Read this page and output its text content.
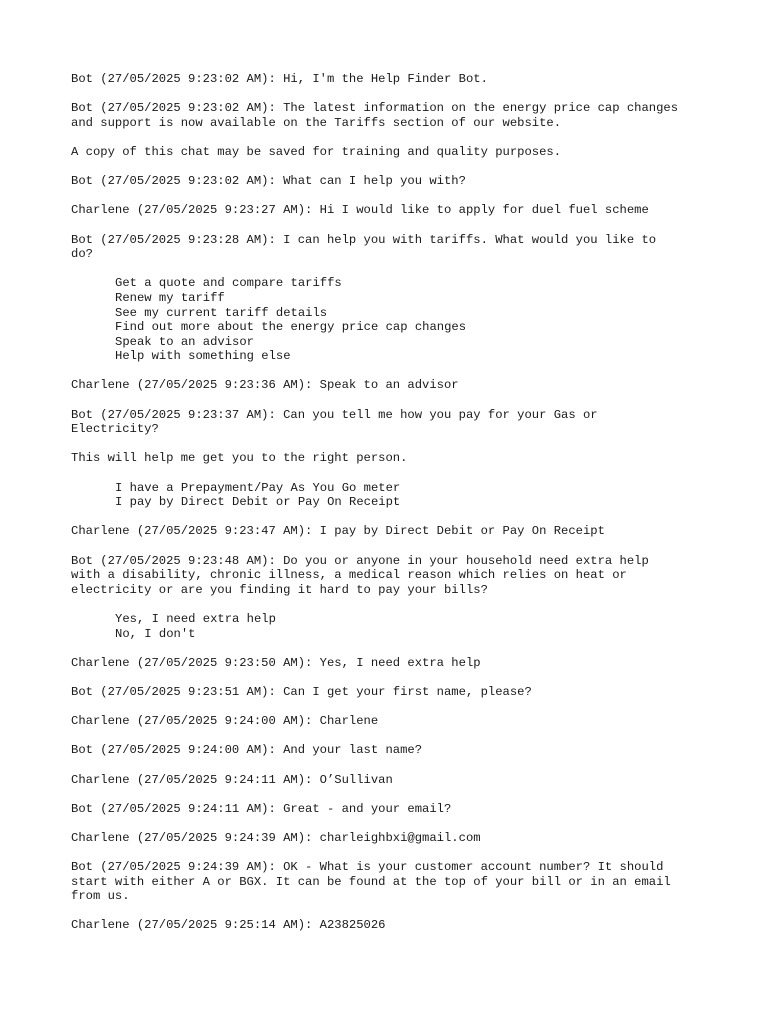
Bot (27/05/2025 9:23:02 AM): Hi, I'm the Help Finder Bot.
Bot (27/05/2025 9:23:02 AM): The latest information on the energy price cap changes
and support is now available on the Tariffs section of our website.
A copy of this chat may be saved for training and quality purposes.
Bot (27/05/2025 9:23:02 AM): What can I help you with?
Charlene (27/05/2025 9:23:27 AM): Hi I would like to apply for duel fuel scheme
Bot (27/05/2025 9:23:28 AM): I can help you with tariffs. What would you like to
do?
Get a quote and compare tariffs
Renew my tariff
See my current tariff details
Find out more about the energy price cap changes
Speak to an advisor
Help with something else
Charlene (27/05/2025 9:23:36 AM): Speak to an advisor
Bot (27/05/2025 9:23:37 AM): Can you tell me how you pay for your Gas or
Electricity?
This will help me get you to the right person.
I have a Prepayment/Pay As You Go meter
I pay by Direct Debit or Pay On Receipt
Charlene (27/05/2025 9:23:47 AM): I pay by Direct Debit or Pay On Receipt
Bot (27/05/2025 9:23:48 AM): Do you or anyone in your household need extra help
with a disability, chronic illness, a medical reason which relies on heat or
electricity or are you finding it hard to pay your bills?
Yes, I need extra help
No, I don't
Charlene (27/05/2025 9:23:50 AM): Yes, I need extra help
Bot (27/05/2025 9:23:51 AM): Can I get your first name, please?
Charlene (27/05/2025 9:24:00 AM): Charlene
Bot (27/05/2025 9:24:00 AM): And your last name?
Charlene (27/05/2025 9:24:11 AM): O’Sullivan
Bot (27/05/2025 9:24:11 AM): Great - and your email?
Charlene (27/05/2025 9:24:39 AM): charleighbxi@gmail.com
Bot (27/05/2025 9:24:39 AM): OK - What is your customer account number? It should
start with either A or BGX. It can be found at the top of your bill or in an email
from us.
Charlene (27/05/2025 9:25:14 AM): A23825026
